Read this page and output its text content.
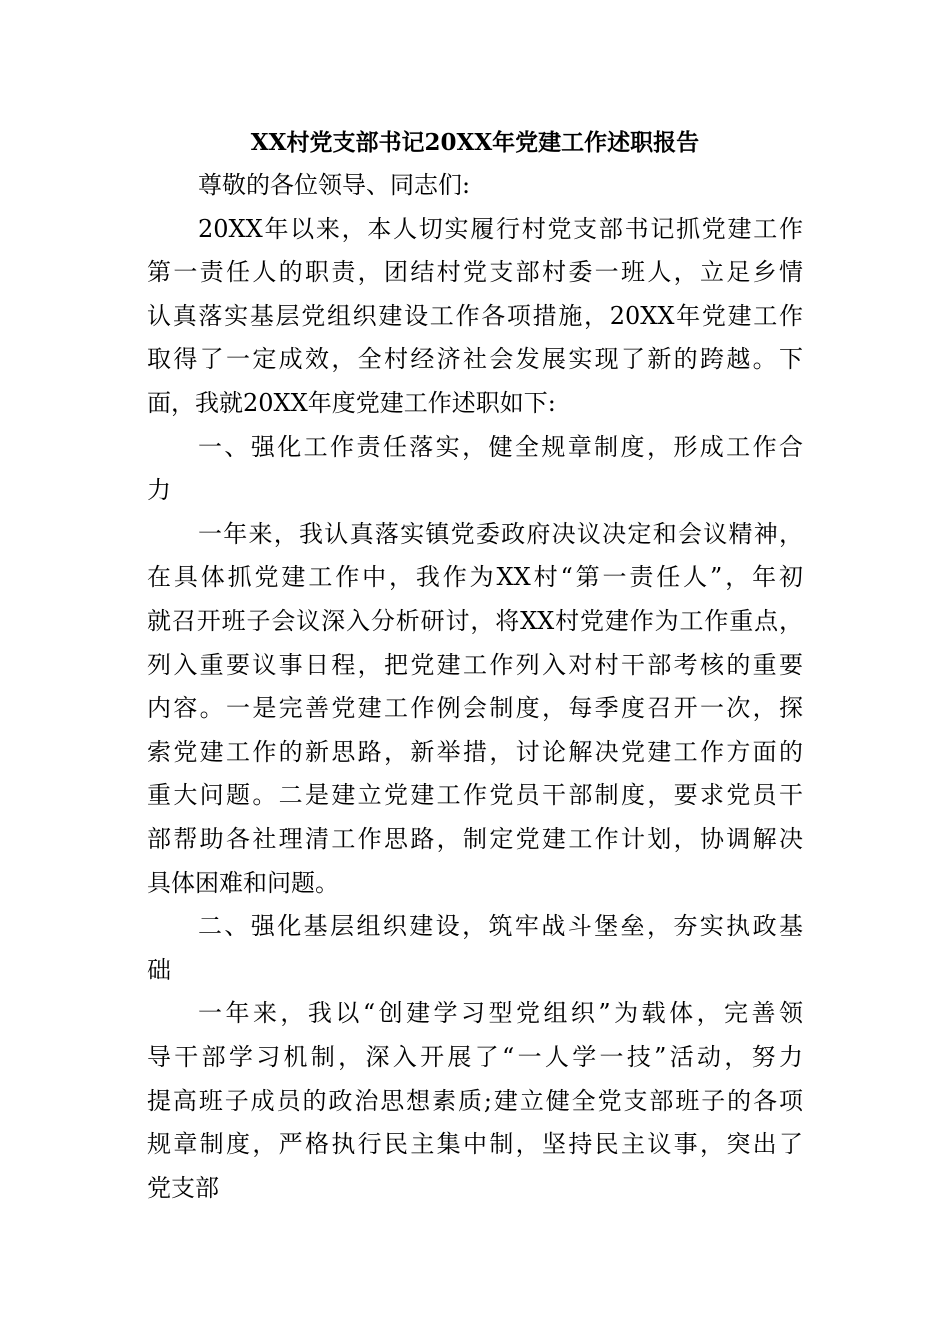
XX村党支部书记20XX年党建工作述职报告
尊敬的各位领导、同志们:
20XX年以来，本人切实履行村党支部书记抓党建工作
第一责任人的职责，团结村党支部村委一班人，立足乡情
认真落实基层党组织建设工作各项措施，20XX年党建工作
取得了一定成效，全村经济社会发展实现了新的跨越。下
面，我就20XX年度党建工作述职如下:
一、强化工作责任落实，健全规章制度，形成工作合
力
一年来，我认真落实镇党委政府决议决定和会议精神，
在具体抓党建工作中，我作为XX村“第一责任人”，年初
就召开班子会议深入分析研讨，将XX村党建作为工作重点，
列入重要议事日程，把党建工作列入对村干部考核的重要
内容。一是完善党建工作例会制度，每季度召开一次，探
索党建工作的新思路，新举措，讨论解决党建工作方面的
重大问题。二是建立党建工作党员干部制度，要求党员干
部帮助各社理清工作思路，制定党建工作计划，协调解决
具体困难和问题。
二、强化基层组织建设，筑牢战斗堡垒，夯实执政基
础
一年来，我以“创建学习型党组织”为载体，完善领
导干部学习机制，深入开展了“一人学一技”活动，努力
提高班子成员的政治思想素质;建立健全党支部班子的各项
规章制度，严格执行民主集中制，坚持民主议事，突出了
党支部
